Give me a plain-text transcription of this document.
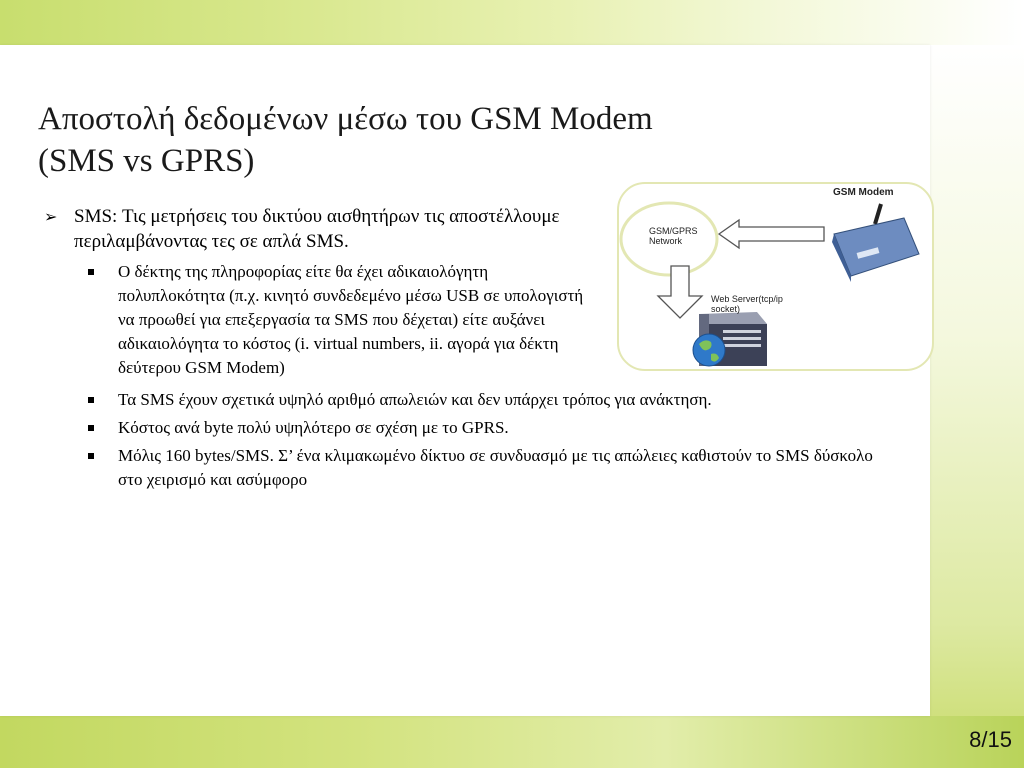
Αποστολή δεδομένων μέσω του GSM Modem
(SMS vs GPRS)

➢ SMS: Τις μετρήσεις του δικτύου αισθητήρων τις αποστέλλουμε περιλαμβάνοντας τες σε απλά SMS.

Ο δέκτης της πληροφορίας είτε θα έχει αδικαιολόγητη πολυπλοκότητα (π.χ. κινητό συνδεδεμένο μέσω USB σε υπολογιστή να προωθεί για επεξεργασία τα SMS που δέχεται) είτε αυξάνει αδικαιολόγητα το κόστος (i. virtual numbers, ii. αγορά για δέκτη δεύτερου GSM Modem)
Τα SMS έχουν σχετικά υψηλό αριθμό απωλειών και δεν υπάρχει τρόπος για ανάκτηση.
Κόστος ανά byte πολύ υψηλότερο σε σχέση με το GPRS.
Μόλις 160 bytes/SMS. Σ’ ένα κλιμακωμένο δίκτυο σε συνδυασμό με τις απώλειες καθιστούν το SMS δύσκολο στο χειρισμό και ασύμφορο
GSM Modem
GSM/GPRS
Network
Web Server(tcp/ip
socket)
8/15
